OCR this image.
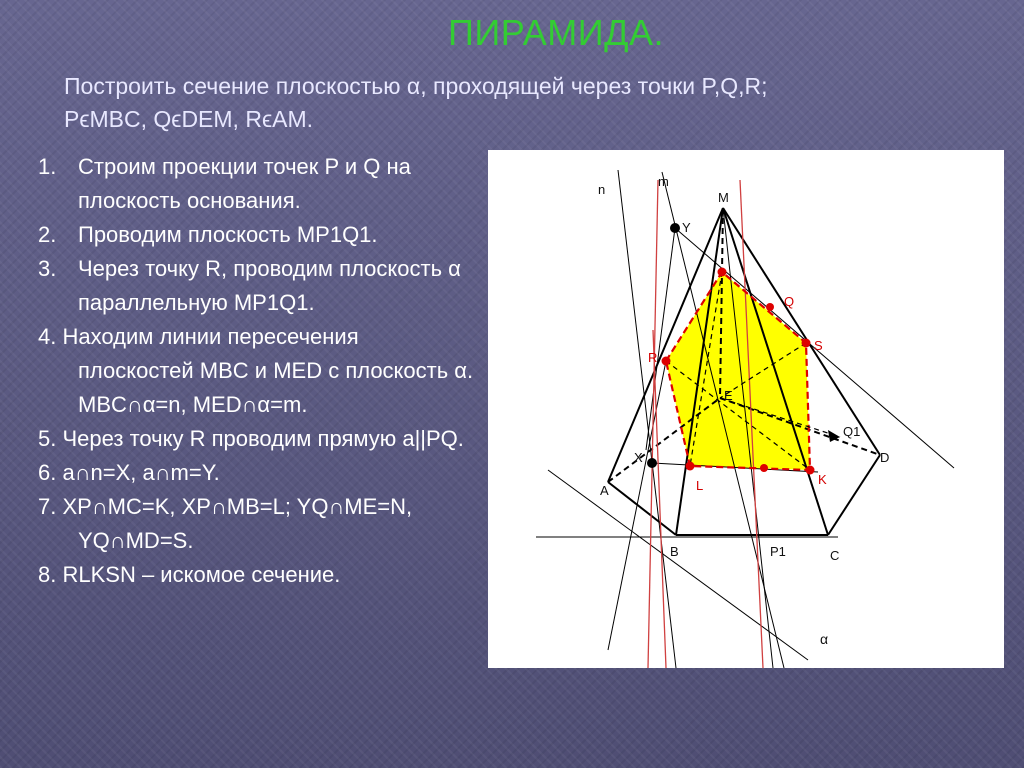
ПИРАМИДА.
Построить сечение плоскостью α, проходящей через точки P,Q,R;
PϵMBC, QϵDEM, RϵAM.
1. Строим проекции точек P и Q на плоскость основания.
2. Проводим плоскость MP1Q1.
3. Через точку R, проводим плоскость α параллельную MP1Q1.
4. Находим линии пересечения плоскостей MBC и MED с плоскость α. MBC∩α=n, MED∩α=m.
5. Через точку R проводим прямую a||PQ.
6. a∩n=X, a∩m=Y.
7. XP∩MC=K, XP∩MB=L; YQ∩ME=N, YQ∩MD=S.
8. RLKSN – искомое сечение.
n
m
M
Y
Q
R
S
E
Q1
D
X
A	L	K
B	P1	C
α
